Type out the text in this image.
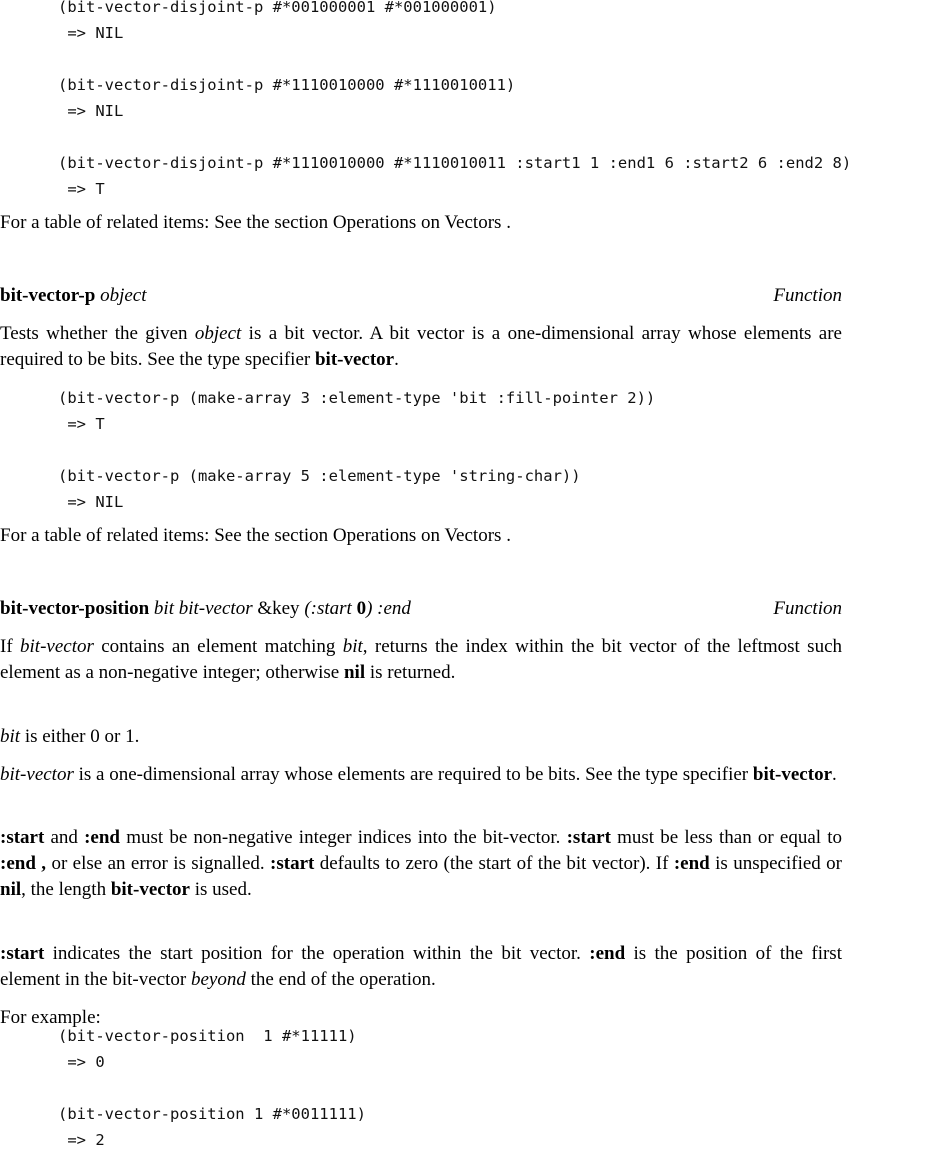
(bit-vector-disjoint-p #*001000001 #*001000001)
=> NIL

(bit-vector-disjoint-p #*1110010000 #*1110010011)
=> NIL

(bit-vector-disjoint-p #*1110010000 #*1110010011 :start1 1 :end1 6 :start2 6 :end2 8)
=> T

For a table of related items: See the section Operations on Vectors .

bit-vector-p object	Function

Tests whether the given object is a bit vector. A bit vector is a one-dimensional array whose elements are required to be bits. See the type specifier bit-vector.

(bit-vector-p (make-array 3 :element-type 'bit :fill-pointer 2))
=> T

(bit-vector-p (make-array 5 :element-type 'string-char))
=> NIL

For a table of related items: See the section Operations on Vectors .

bit-vector-position bit bit-vector &key (:start 0) :end	Function

If bit-vector contains an element matching bit, returns the index within the bit vector of the leftmost such element as a non-negative integer; otherwise nil is returned.

bit is either 0 or 1.

bit-vector is a one-dimensional array whose elements are required to be bits. See the type specifier bit-vector.

:start and :end must be non-negative integer indices into the bit-vector. :start must be less than or equal to :end , or else an error is signalled. :start defaults to zero (the start of the bit vector). If :end is unspecified or nil, the length bit-vector is used.

:start indicates the start position for the operation within the bit vector. :end is the position of the first element in the bit-vector beyond the end of the operation.

For example:

(bit-vector-position  1 #*11111)
=> 0

(bit-vector-position 1 #*0011111)
=> 2
